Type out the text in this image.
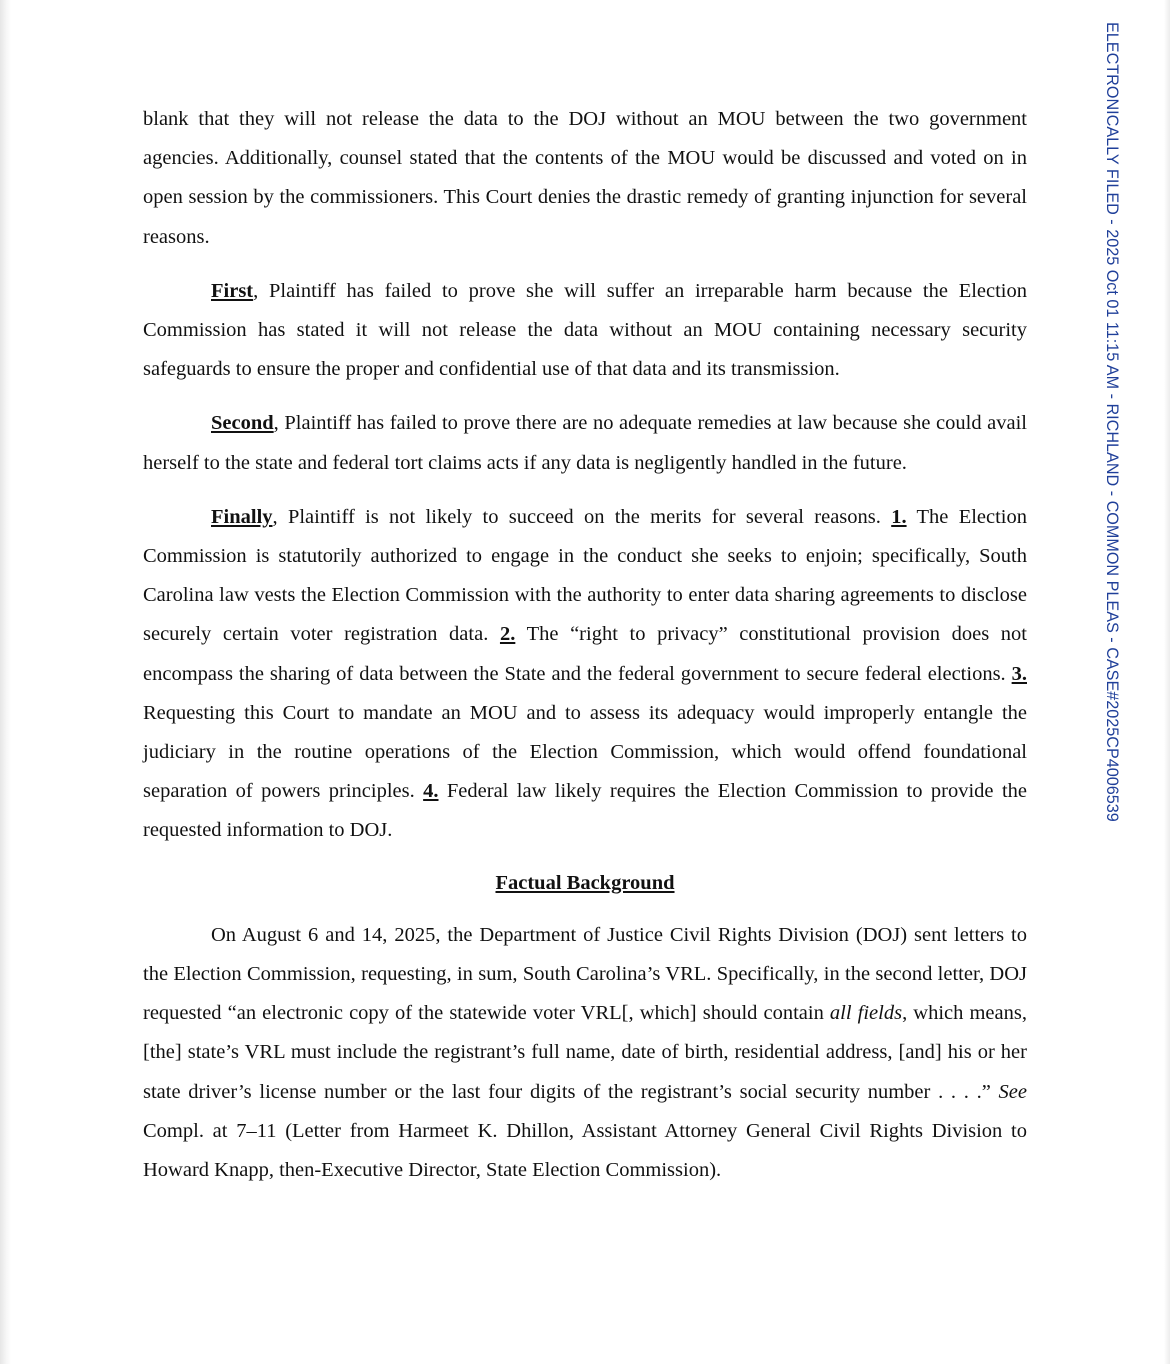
blank that they will not release the data to the DOJ without an MOU between the two government agencies. Additionally, counsel stated that the contents of the MOU would be discussed and voted on in open session by the commissioners. This Court denies the drastic remedy of granting injunction for several reasons.

First, Plaintiff has failed to prove she will suffer an irreparable harm because the Election Commission has stated it will not release the data without an MOU containing necessary security safeguards to ensure the proper and confidential use of that data and its transmission.

Second, Plaintiff has failed to prove there are no adequate remedies at law because she could avail herself to the state and federal tort claims acts if any data is negligently handled in the future.

Finally, Plaintiff is not likely to succeed on the merits for several reasons. 1. The Election Commission is statutorily authorized to engage in the conduct she seeks to enjoin; specifically, South Carolina law vests the Election Commission with the authority to enter data sharing agreements to disclose securely certain voter registration data. 2. The “right to privacy” constitutional provision does not encompass the sharing of data between the State and the federal government to secure federal elections. 3. Requesting this Court to mandate an MOU and to assess its adequacy would improperly entangle the judiciary in the routine operations of the Election Commission, which would offend foundational separation of powers principles. 4. Federal law likely requires the Election Commission to provide the requested information to DOJ.

Factual Background

On August 6 and 14, 2025, the Department of Justice Civil Rights Division (DOJ) sent letters to the Election Commission, requesting, in sum, South Carolina’s VRL. Specifically, in the second letter, DOJ requested “an electronic copy of the statewide voter VRL[, which] should contain all fields, which means, [the] state’s VRL must include the registrant’s full name, date of birth, residential address, [and] his or her state driver’s license number or the last four digits of the registrant’s social security number . . . .” See Compl. at 7–11 (Letter from Harmeet K. Dhillon, Assistant Attorney General Civil Rights Division to Howard Knapp, then-Executive Director, State Election Commission).

ELECTRONICALLY FILED - 2025 Oct 01 11:15 AM - RICHLAND - COMMON PLEAS - CASE#2025CP4006539
